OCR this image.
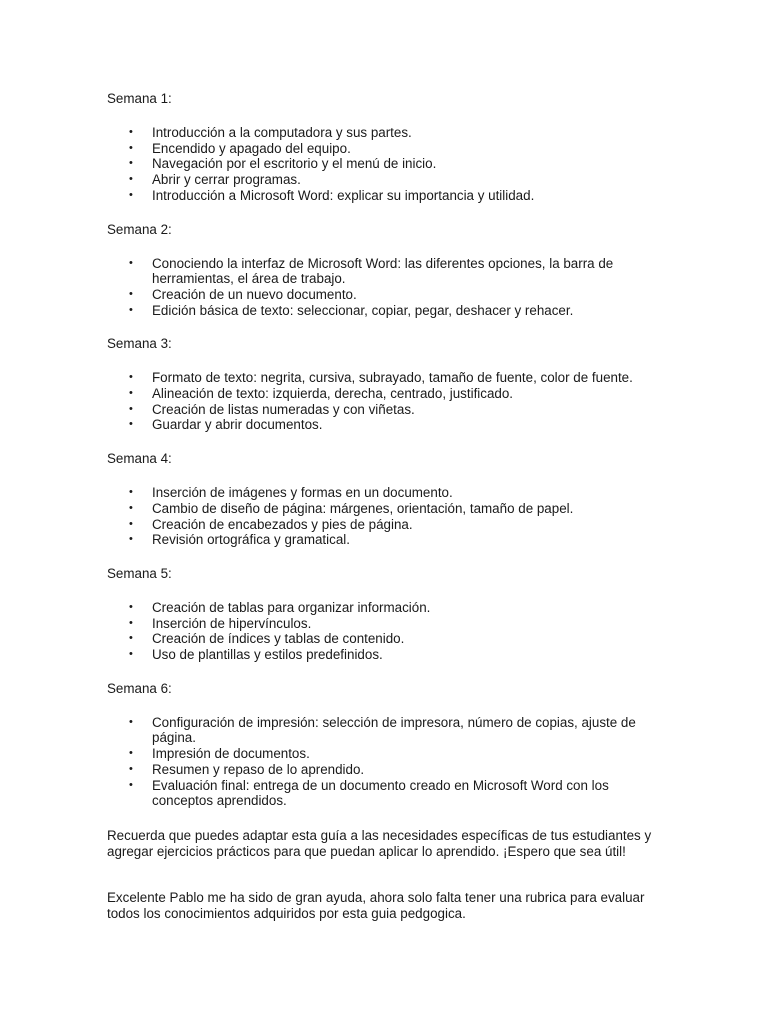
Semana 1:

• Introducción a la computadora y sus partes.
• Encendido y apagado del equipo.
• Navegación por el escritorio y el menú de inicio.
• Abrir y cerrar programas.
• Introducción a Microsoft Word: explicar su importancia y utilidad.

Semana 2:

• Conociendo la interfaz de Microsoft Word: las diferentes opciones, la barra de herramientas, el área de trabajo.
• Creación de un nuevo documento.
• Edición básica de texto: seleccionar, copiar, pegar, deshacer y rehacer.

Semana 3:

• Formato de texto: negrita, cursiva, subrayado, tamaño de fuente, color de fuente.
• Alineación de texto: izquierda, derecha, centrado, justificado.
• Creación de listas numeradas y con viñetas.
• Guardar y abrir documentos.

Semana 4:

• Inserción de imágenes y formas en un documento.
• Cambio de diseño de página: márgenes, orientación, tamaño de papel.
• Creación de encabezados y pies de página.
• Revisión ortográfica y gramatical.

Semana 5:

• Creación de tablas para organizar información.
• Inserción de hipervínculos.
• Creación de índices y tablas de contenido.
• Uso de plantillas y estilos predefinidos.

Semana 6:

• Configuración de impresión: selección de impresora, número de copias, ajuste de página.
• Impresión de documentos.
• Resumen y repaso de lo aprendido.
• Evaluación final: entrega de un documento creado en Microsoft Word con los conceptos aprendidos.

Recuerda que puedes adaptar esta guía a las necesidades específicas de tus estudiantes y agregar ejercicios prácticos para que puedan aplicar lo aprendido. ¡Espero que sea útil!

Excelente Pablo me ha sido de gran ayuda, ahora solo falta tener una rubrica para evaluar todos los conocimientos adquiridos por esta guia pedgogica.
